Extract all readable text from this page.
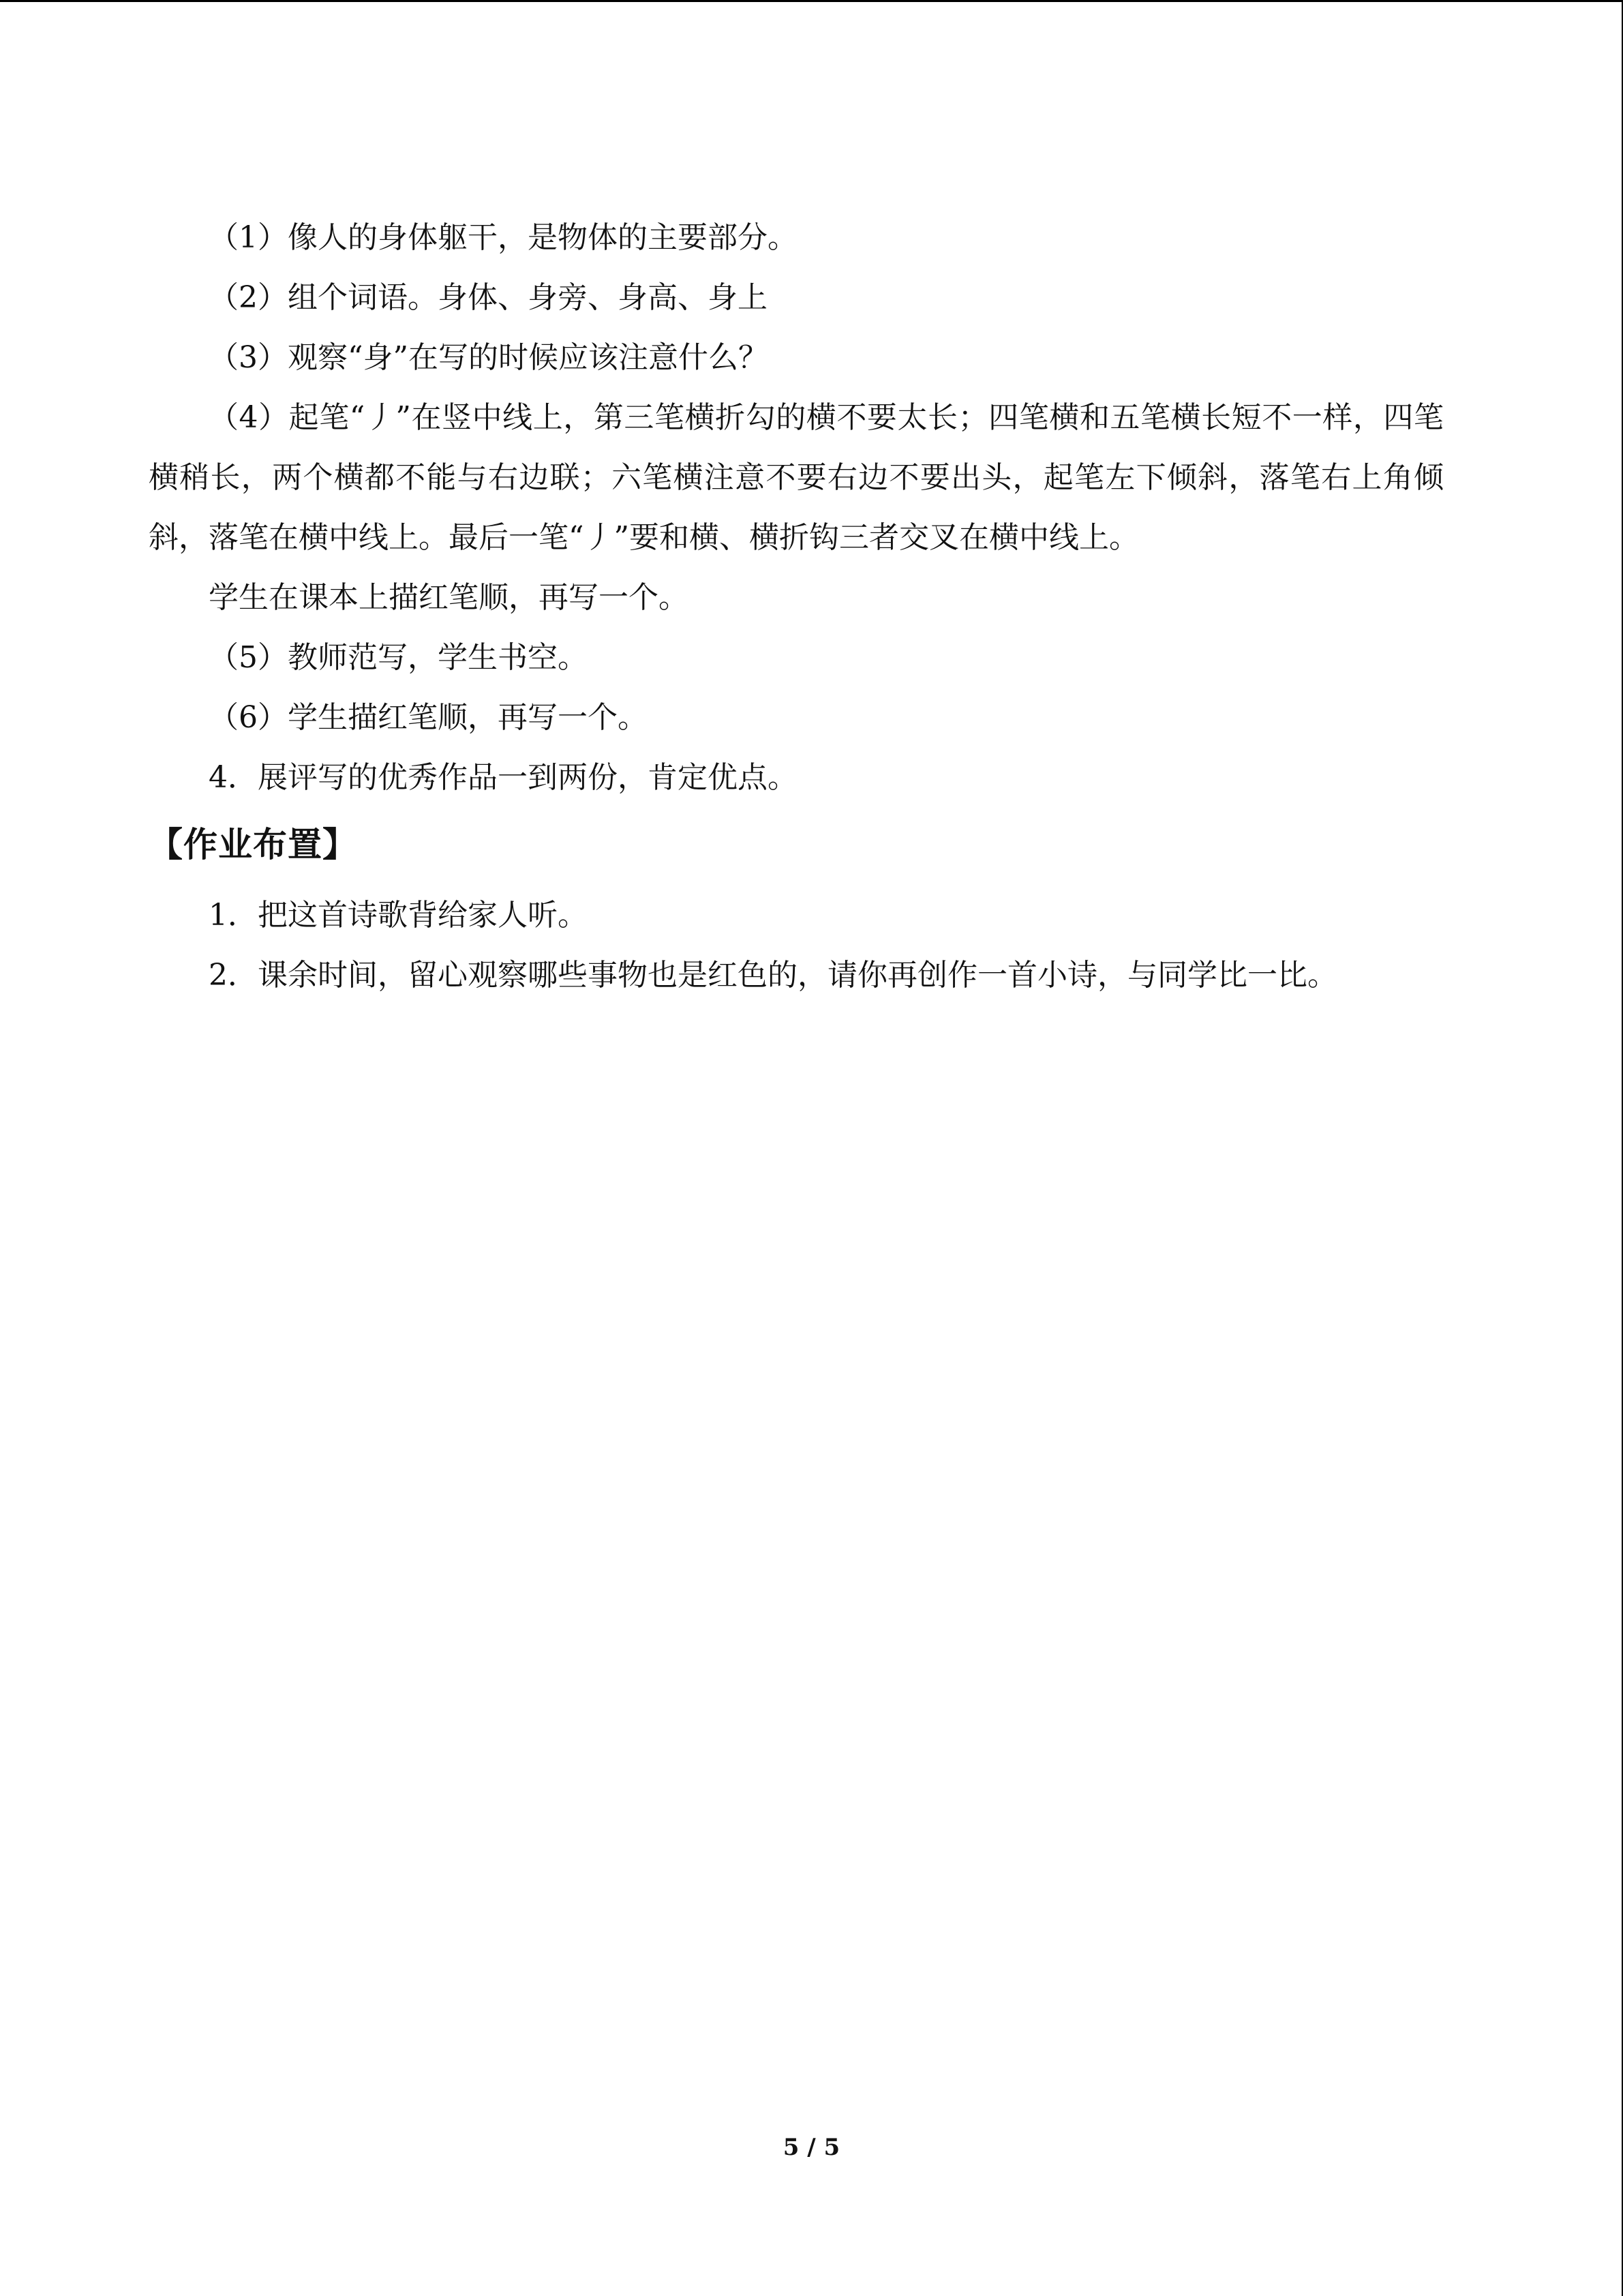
（1）像人的身体躯干，是物体的主要部分。

（2）组个词语。身体、身旁、身高、身上

（3）观察“身”在写的时候应该注意什么？

（4）起笔“丿”在竖中线上，第三笔横折勾的横不要太长；四笔横和五笔横长短不一样，四笔横稍长，两个横都不能与右边联；六笔横注意不要右边不要出头，起笔左下倾斜，落笔右上角倾斜，落笔在横中线上。最后一笔“丿”要和横、横折钩三者交叉在横中线上。

学生在课本上描红笔顺，再写一个。

（5）教师范写，学生书空。

（6）学生描红笔顺，再写一个。

4．展评写的优秀作品一到两份，肯定优点。

【作业布置】

1．把这首诗歌背给家人听。

2．课余时间，留心观察哪些事物也是红色的，请你再创作一首小诗，与同学比一比。

5 / 5
